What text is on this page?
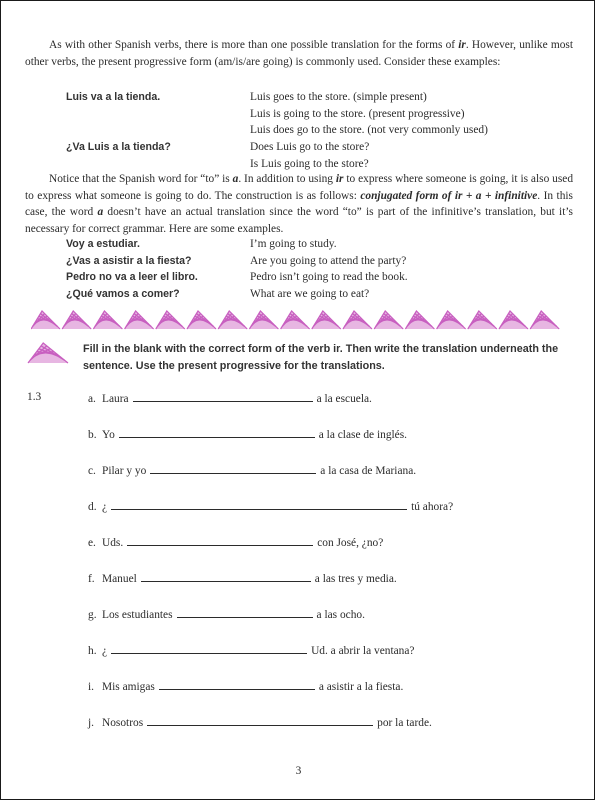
As with other Spanish verbs, there is more than one possible translation for the forms of ir. However, unlike most other verbs, the present progressive form (am/is/are going) is commonly used. Consider these examples:

Luis va a la tienda.	Luis goes to the store. (simple present)
Luis is going to the store. (present progressive)
Luis does go to the store. (not very commonly used)
¿Va Luis a la tienda?	Does Luis go to the store?
Is Luis going to the store?

Notice that the Spanish word for “to” is a. In addition to using ir to express where someone is going, it is also used to express what someone is going to do. The construction is as follows: conjugated form of ir + a + infinitive. In this case, the word a doesn’t have an actual translation since the word “to” is part of the infinitive’s translation, but it’s necessary for correct grammar. Here are some examples.

Voy a estudiar.	I’m going to study.
¿Vas a asistir a la fiesta?	Are you going to attend the party?
Pedro no va a leer el libro.	Pedro isn’t going to read the book.
¿Qué vamos a comer?	What are we going to eat?

Fill in the blank with the correct form of the verb ir. Then write the translation underneath the sentence. Use the present progressive for the translations.

1.3	a. Laura	a la escuela.
b. Yo	a la clase de inglés.
c. Pilar y yo	a la casa de Mariana.
d. ¿	tú ahora?
e. Uds.	con José, ¿no?
f. Manuel	a las tres y media.
g. Los estudiantes	a las ocho.
h. ¿	Ud. a abrir la ventana?
i. Mis amigas	a asistir a la fiesta.
j. Nosotros	por la tarde.
3
